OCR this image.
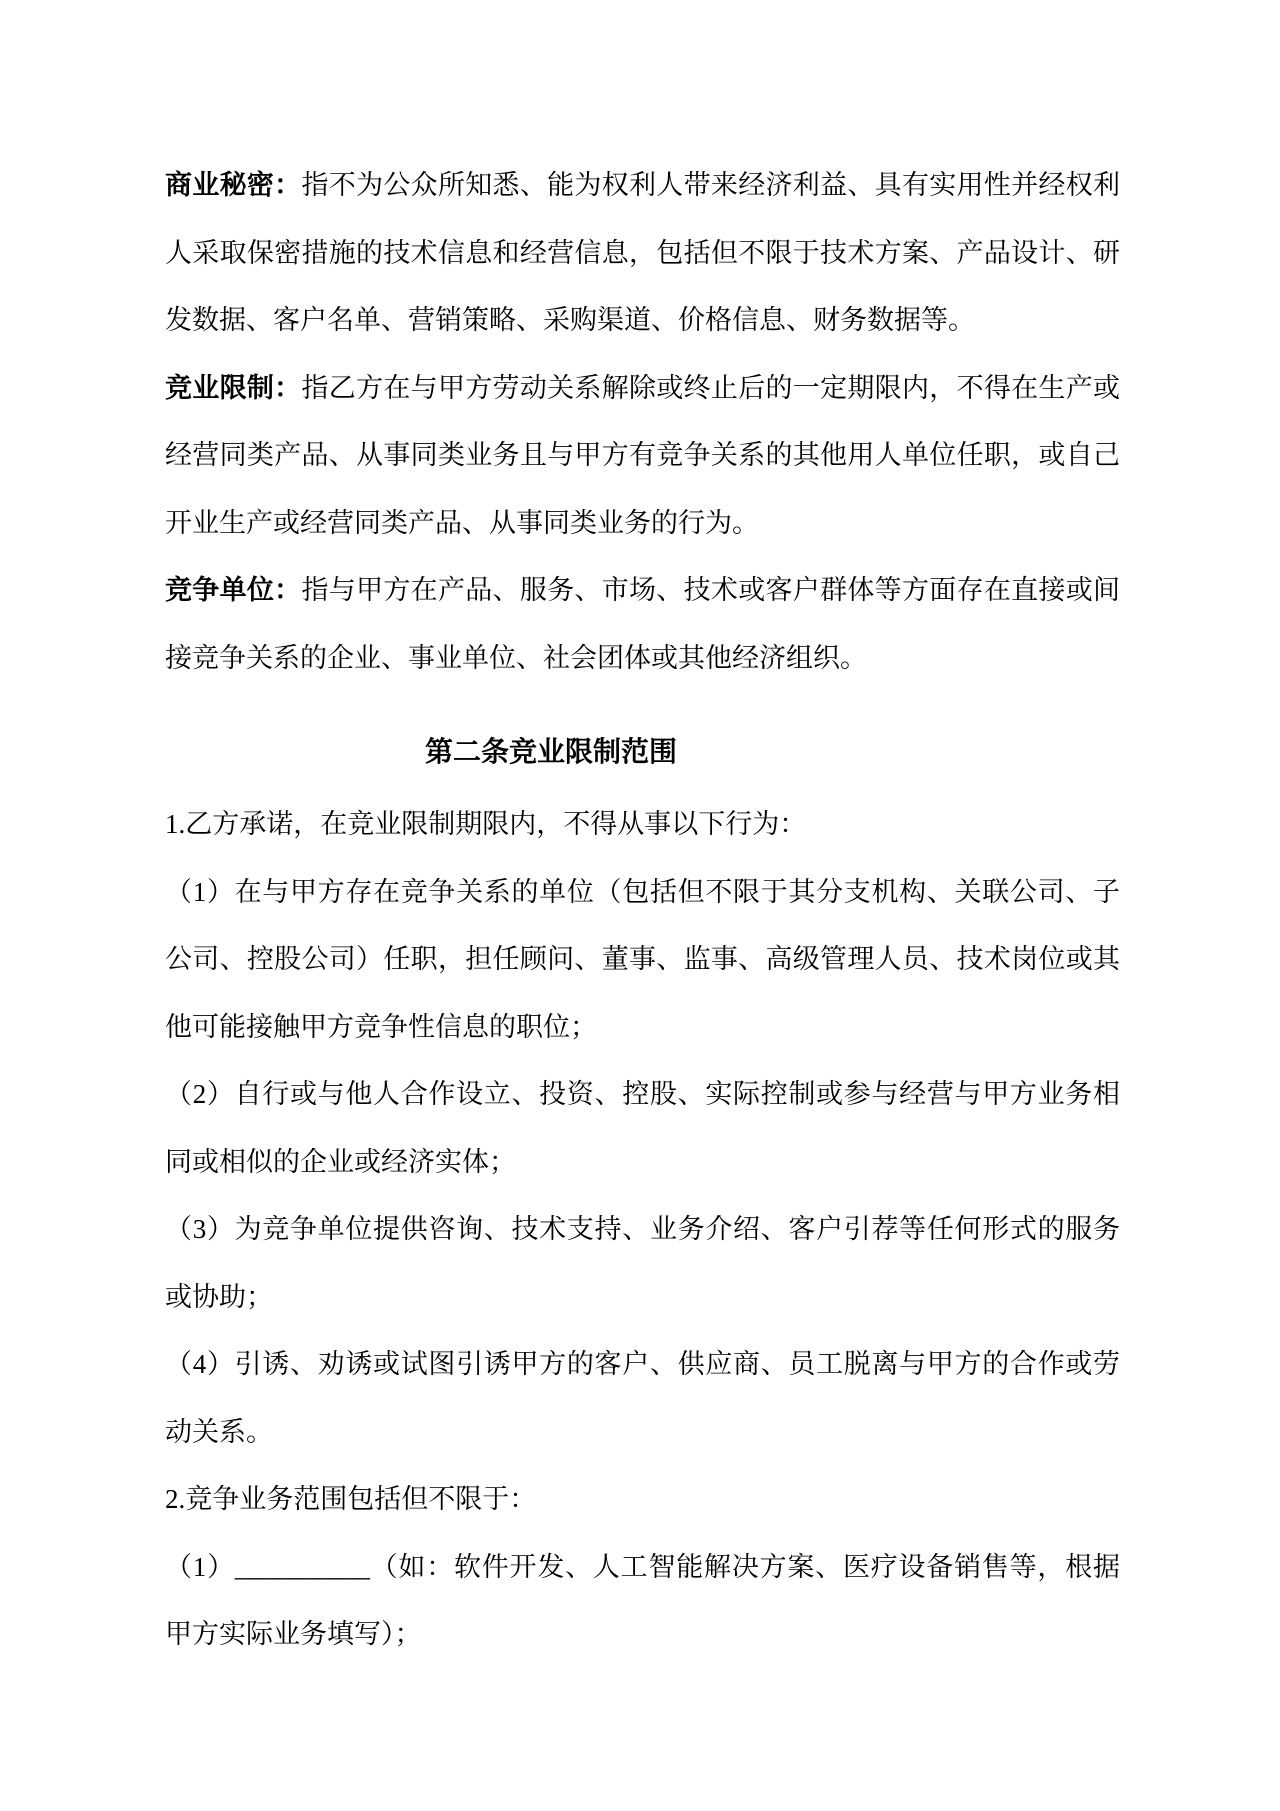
商业秘密：指不为公众所知悉、能为权利人带来经济利益、具有实用性并经权利人采取保密措施的技术信息和经营信息，包括但不限于技术方案、产品设计、研发数据、客户名单、营销策略、采购渠道、价格信息、财务数据等。

竞业限制：指乙方在与甲方劳动关系解除或终止后的一定期限内，不得在生产或经营同类产品、从事同类业务且与甲方有竞争关系的其他用人单位任职，或自己开业生产或经营同类产品、从事同类业务的行为。

竞争单位：指与甲方在产品、服务、市场、技术或客户群体等方面存在直接或间接竞争关系的企业、事业单位、社会团体或其他经济组织。

第二条竞业限制范围

1.乙方承诺，在竞业限制期限内，不得从事以下行为：

（1）在与甲方存在竞争关系的单位（包括但不限于其分支机构、关联公司、子公司、控股公司）任职，担任顾问、董事、监事、高级管理人员、技术岗位或其他可能接触甲方竞争性信息的职位；

（2）自行或与他人合作设立、投资、控股、实际控制或参与经营与甲方业务相同或相似的企业或经济实体；

（3）为竞争单位提供咨询、技术支持、业务介绍、客户引荐等任何形式的服务或协助；

（4）引诱、劝诱或试图引诱甲方的客户、供应商、员工脱离与甲方的合作或劳动关系。

2.竞争业务范围包括但不限于：

（1）__________（如：软件开发、人工智能解决方案、医疗设备销售等，根据甲方实际业务填写）；
